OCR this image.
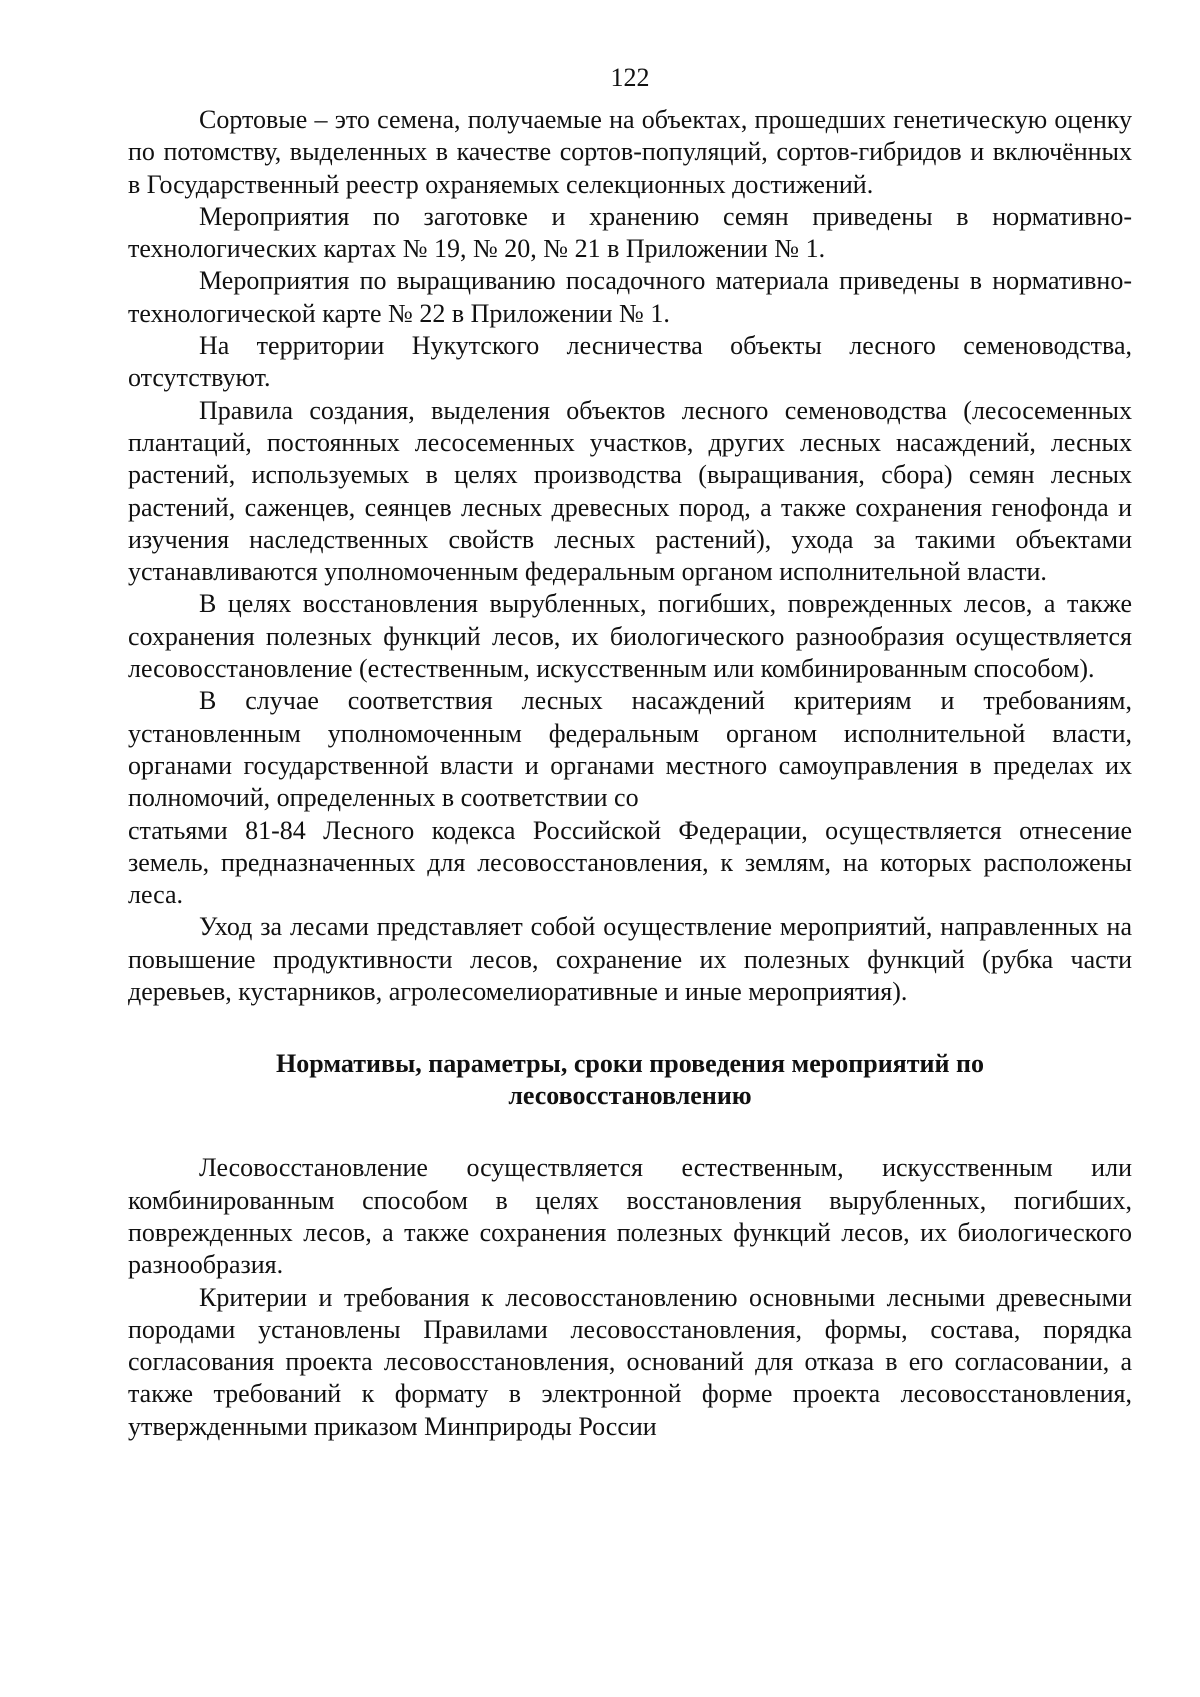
122

Сортовые – это семена, получаемые на объектах, прошедших генетическую оценку по потомству, выделенных в качестве сортов-популяций, сортов-гибридов и включённых в Государственный реестр охраняемых селекционных достижений.

Мероприятия по заготовке и хранению семян приведены в нормативно-технологических картах № 19, № 20, № 21 в Приложении № 1.

Мероприятия по выращиванию посадочного материала приведены в нормативно-технологической карте № 22 в Приложении № 1.

На территории Нукутского лесничества объекты лесного семеноводства, отсутствуют.

Правила создания, выделения объектов лесного семеноводства (лесосеменных плантаций, постоянных лесосеменных участков, других лесных насаждений, лесных растений, используемых в целях производства (выращивания, сбора) семян лесных растений, саженцев, сеянцев лесных древесных пород, а также сохранения генофонда и изучения наследственных свойств лесных растений), ухода за такими объектами устанавливаются уполномоченным федеральным органом исполнительной власти.

В целях восстановления вырубленных, погибших, поврежденных лесов, а также сохранения полезных функций лесов, их биологического разнообразия осуществляется лесовосстановление (естественным, искусственным или комбинированным способом).

В случае соответствия лесных насаждений критериям и требованиям, установленным уполномоченным федеральным органом исполнительной власти, органами государственной власти и органами местного самоуправления в пределах их полномочий, определенных в соответствии со
статьями 81-84 Лесного кодекса Российской Федерации, осуществляется отнесение земель, предназначенных для лесовосстановления, к землям, на которых расположены леса.

Уход за лесами представляет собой осуществление мероприятий, направленных на повышение продуктивности лесов, сохранение их полезных функций (рубка части деревьев, кустарников, агролесомелиоративные и иные мероприятия).

Нормативы, параметры, сроки проведения мероприятий по
лесовосстановлению

Лесовосстановление осуществляется естественным, искусственным или комбинированным способом в целях восстановления вырубленных, погибших, поврежденных лесов, а также сохранения полезных функций лесов, их биологического разнообразия.

Критерии и требования к лесовосстановлению основными лесными древесными породами установлены Правилами лесовосстановления, формы, состава, порядка согласования проекта лесовосстановления, оснований для отказа в его согласовании, а также требований к формату в электронной форме проекта лесовосстановления, утвержденными приказом Минприроды России
